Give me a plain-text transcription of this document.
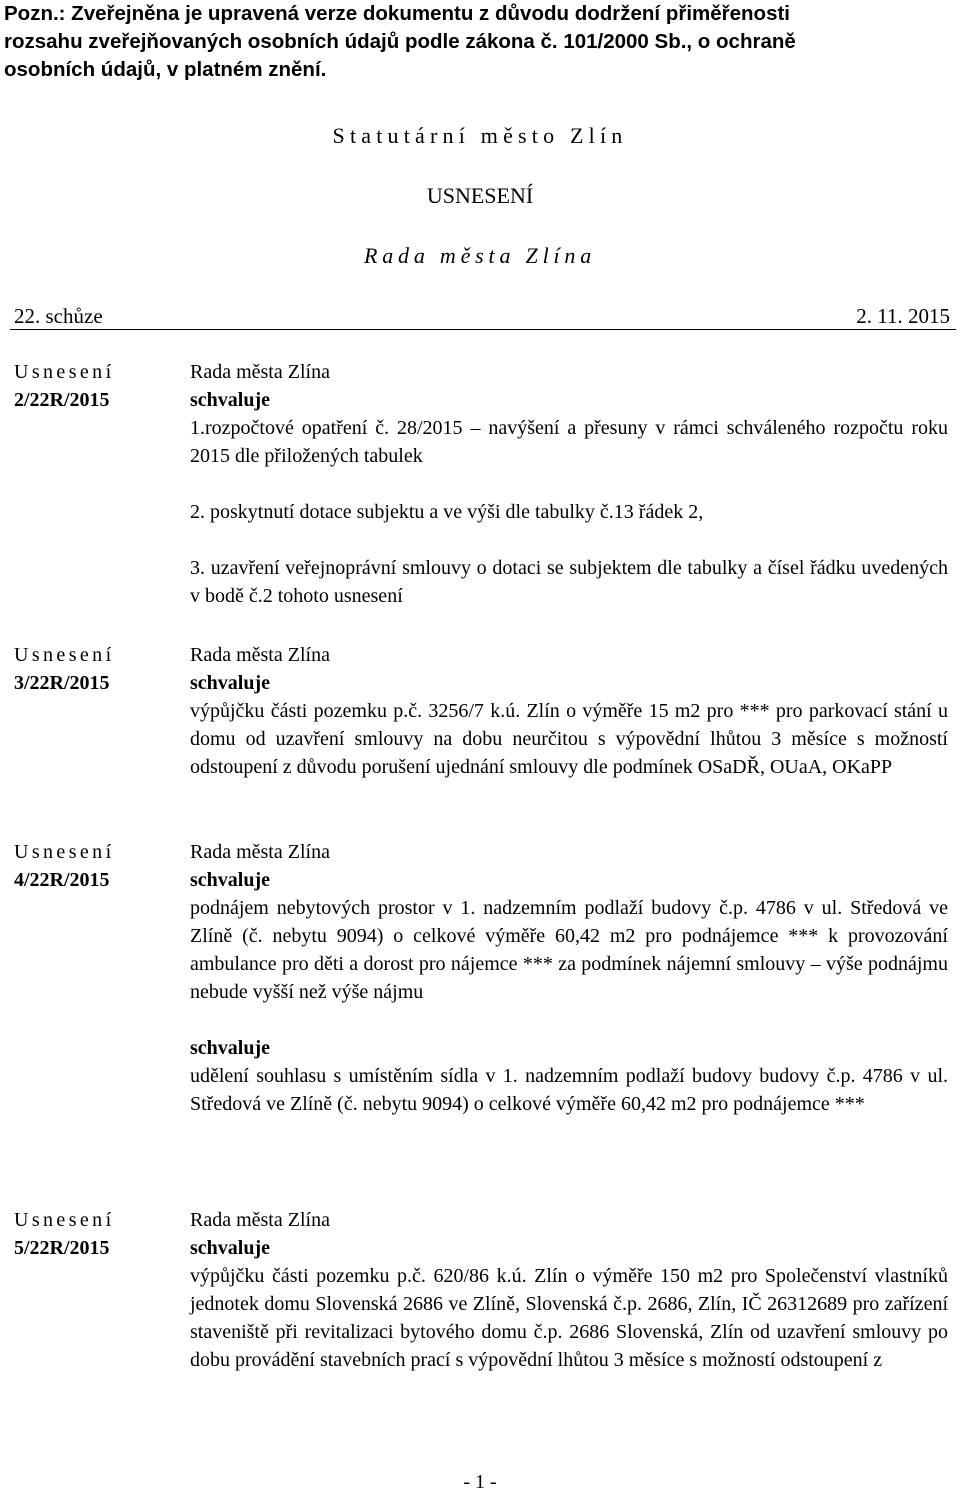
Pozn.: Zveřejněna je upravená verze dokumentu z důvodu dodržení přiměřenosti

rozsahu zveřejňovaných osobních údajů podle zákona č. 101/2000 Sb., o ochraně

osobních údajů, v platném znění.

Statutární město Zlín
USNESENÍ
Rada města Zlína
22. schůze	2. 11. 2015
Usnesení
2/22R/2015

Rada města Zlína

schvaluje

1.rozpočtové opatření č. 28/2015 – navýšení a přesuny v rámci schváleného rozpočtu roku 2015 dle přiložených tabulek

2. poskytnutí dotace subjektu a ve výši dle tabulky č.13 řádek 2,

3. uzavření veřejnoprávní smlouvy o dotaci se subjektem dle tabulky a čísel řádku uvedených v bodě č.2 tohoto usnesení

Usnesení
3/22R/2015

Rada města Zlína

schvaluje

výpůjčku části pozemku p.č. 3256/7 k.ú. Zlín o výměře 15 m2 pro *** pro parkovací stání u domu od uzavření smlouvy na dobu neurčitou s výpovědní lhůtou 3 měsíce s možností odstoupení z důvodu porušení ujednání smlouvy dle podmínek OSaDŘ, OUaA, OKaPP

Usnesení
4/22R/2015

Rada města Zlína

schvaluje

podnájem nebytových prostor v 1. nadzemním podlaží budovy č.p. 4786 v ul. Středová ve Zlíně (č. nebytu 9094) o celkové výměře 60,42 m2 pro podnájemce *** k provozování ambulance pro děti a dorost pro nájemce *** za podmínek nájemní smlouvy – výše podnájmu nebude vyšší než výše nájmu

schvaluje

udělení souhlasu s umístěním sídla v 1. nadzemním podlaží budovy budovy č.p. 4786 v ul. Středová ve Zlíně (č. nebytu 9094) o celkové výměře 60,42 m2 pro podnájemce ***

Usnesení
5/22R/2015

Rada města Zlína

schvaluje

výpůjčku části pozemku p.č. 620/86 k.ú. Zlín o výměře 150 m2 pro Společenství vlastníků jednotek domu Slovenská 2686 ve Zlíně, Slovenská č.p. 2686, Zlín, IČ 26312689 pro zařízení staveniště při revitalizaci bytového domu č.p. 2686 Slovenská, Zlín od uzavření smlouvy po dobu provádění stavebních prací s výpovědní lhůtou 3 měsíce s možností odstoupení z

- 1 -
